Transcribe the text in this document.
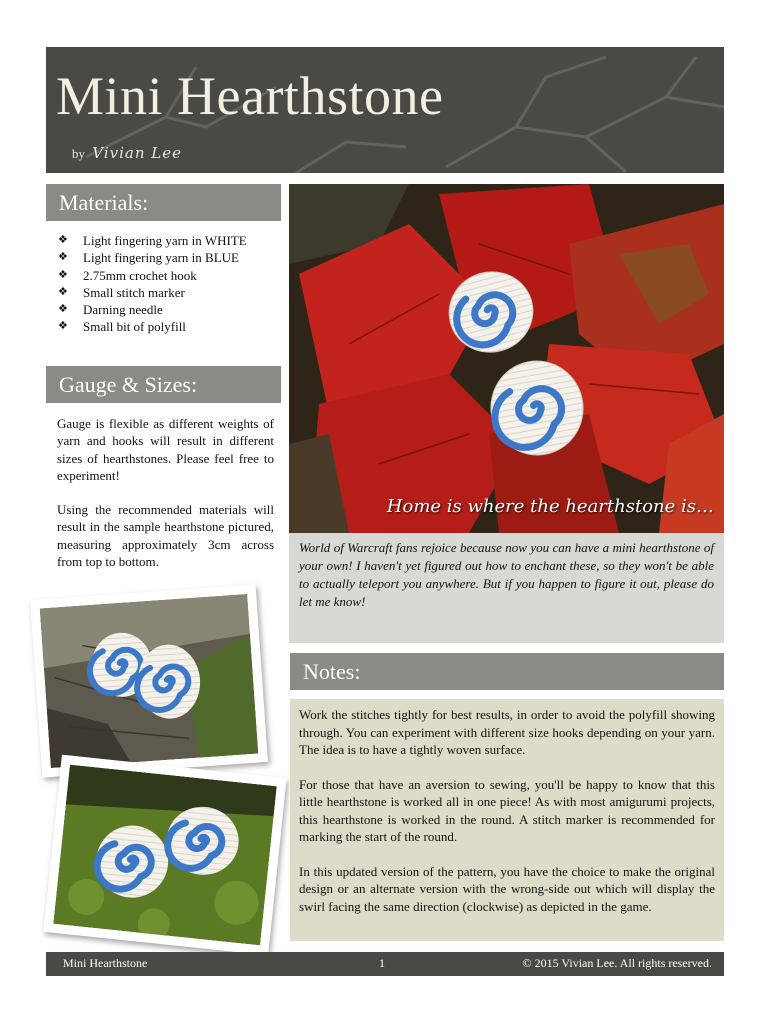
Mini Hearthstone
by Vivian Lee
Materials:
❖	Light fingering yarn in WHITE
❖	Light fingering yarn in BLUE
❖	2.75mm crochet hook
❖	Small stitch marker
❖	Darning needle
❖	Small bit of polyfill
Gauge & Sizes:

Gauge is flexible as different weights of yarn and hooks will result in different sizes of hearthstones. Please feel free to experiment!

Using the recommended materials will result in the sample hearthstone pictured, measuring approximately 3cm across from top to bottom.

Home is where the hearthstone is…
World of Warcraft fans rejoice because now you can have a mini hearthstone of your own! I haven't yet figured out how to enchant these, so they won't be able to actually teleport you anywhere. But if you happen to figure it out, please do let me know!
Notes:

Work the stitches tightly for best results, in order to avoid the polyfill showing through. You can experiment with different size hooks depending on your yarn. The idea is to have a tightly woven surface.

For those that have an aversion to sewing, you'll be happy to know that this little hearthstone is worked all in one piece! As with most amigurumi projects, this hearthstone is worked in the round. A stitch marker is recommended for marking the start of the round.

In this updated version of the pattern, you have the choice to make the original design or an alternate version with the wrong-side out which will display the swirl facing the same direction (clockwise) as depicted in the game.

Mini Hearthstone	1	© 2015 Vivian Lee. All rights reserved.
